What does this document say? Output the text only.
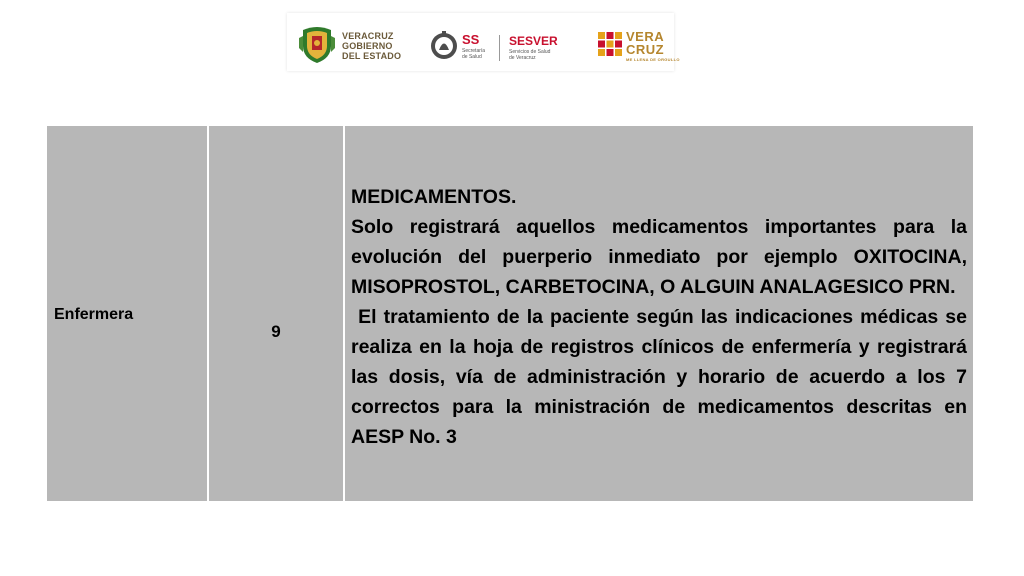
VERACRUZ
GOBIERNO
DEL ESTADO
SS
Secretaría
de Salud
SESVER
Servicios de Salud
de Veracruz
VERA
CRUZ
ME LLENA DE ORGULLO
Enfermera
9

MEDICAMENTOS.

Solo registrará aquellos medicamentos importantes para la evolución del puerperio inmediato por ejemplo OXITOCINA, MISOPROSTOL, CARBETOCINA, O ALGUIN ANALAGESICO PRN.

El tratamiento de la paciente según las indicaciones médicas se realiza en la hoja de registros clínicos de enfermería y registrará las dosis, vía de administración y horario de acuerdo a los 7 correctos para la ministración de medicamentos descritas en AESP No. 3
